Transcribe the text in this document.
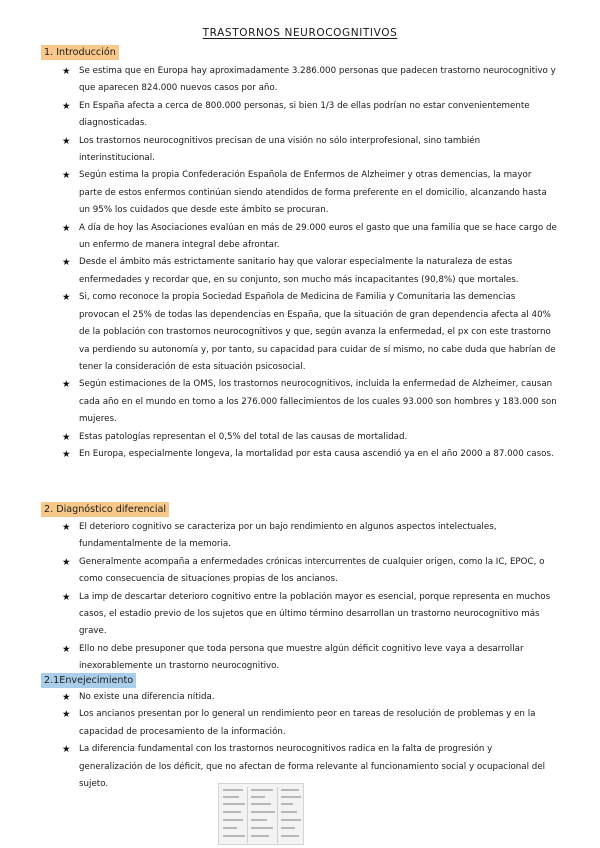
TRASTORNOS NEUROCOGNITIVOS
1. Introducción
★ Se estima que en Europa hay aproximadamente 3.286.000 personas que padecen trastorno neurocognitivo y que aparecen 824.000 nuevos casos por año.
★ En España afecta a cerca de 800.000 personas, si bien 1/3 de ellas podrían no estar convenientemente diagnosticadas.
★ Los trastornos neurocognitivos precisan de una visión no sólo interprofesional, sino también interinstitucional.
★ Según estima la propia Confederación Española de Enfermos de Alzheimer y otras demencias, la mayor parte de estos enfermos continúan siendo atendidos de forma preferente en el domicilio, alcanzando hasta un 95% los cuidados que desde este ámbito se procuran.
★ A día de hoy las Asociaciones evalúan en más de 29.000 euros el gasto que una familia que se hace cargo de un enfermo de manera integral debe afrontar.
★ Desde el ámbito más estrictamente sanitario hay que valorar especialmente la naturaleza de estas enfermedades y recordar que, en su conjunto, son mucho más incapacitantes (90,8%) que mortales.
★ Si, como reconoce la propia Sociedad Española de Medicina de Familia y Comunitaria las demencias provocan el 25% de todas las dependencias en España, que la situación de gran dependencia afecta al 40% de la población con trastornos neurocognitivos y que, según avanza la enfermedad, el px con este trastorno va perdiendo su autonomía y, por tanto, su capacidad para cuidar de sí mismo, no cabe duda que habrían de tener la consideración de esta situación psicosocial.
★ Según estimaciones de la OMS, los trastornos neurocognitivos, incluida la enfermedad de Alzheimer, causan cada año en el mundo en torno a los 276.000 fallecimientos de los cuales 93.000 son hombres y 183.000 son mujeres.
★ Estas patologías representan el 0,5% del total de las causas de mortalidad.
★ En Europa, especialmente longeva, la mortalidad por esta causa ascendió ya en el año 2000 a 87.000 casos.
2. Diagnóstico diferencial
★ El deterioro cognitivo se caracteriza por un bajo rendimiento en algunos aspectos intelectuales, fundamentalmente de la memoria.
★ Generalmente acompaña a enfermedades crónicas intercurrentes de cualquier origen, como la IC, EPOC, o como consecuencia de situaciones propias de los ancianos.
★ La imp de descartar deterioro cognitivo entre la población mayor es esencial, porque representa en muchos casos, el estadio previo de los sujetos que en último término desarrollan un trastorno neurocognitivo más grave.
★ Ello no debe presuponer que toda persona que muestre algún déficit cognitivo leve vaya a desarrollar inexorablemente un trastorno neurocognitivo.
2.1Envejecimiento
★ No existe una diferencia nítida.
★ Los ancianos presentan por lo general un rendimiento peor en tareas de resolución de problemas y en la capacidad de procesamiento de la información.
★ La diferencia fundamental con los trastornos neurocognitivos radica en la falta de progresión y generalización de los déficit, que no afectan de forma relevante al funcionamiento social y ocupacional del sujeto.
